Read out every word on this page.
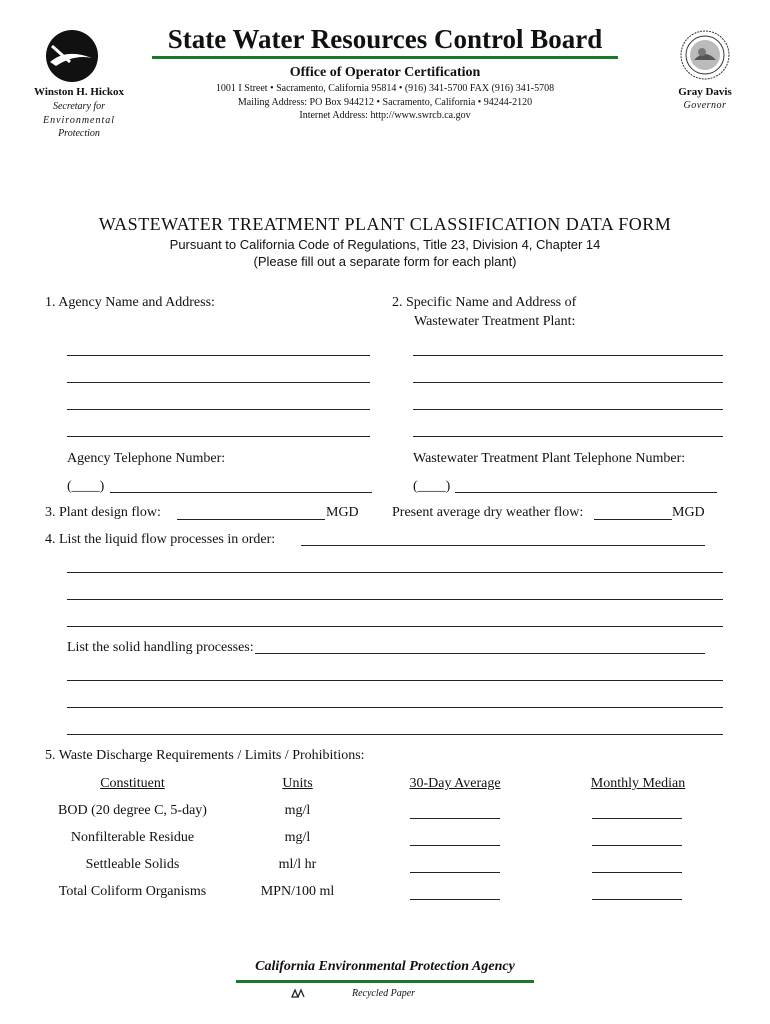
Winston H. Hickox
Secretary for
Environmental
Protection
State Water Resources Control Board
Office of Operator Certification
1001 I Street • Sacramento, California 95814 • (916) 341-5700 FAX (916) 341-5708
Mailing Address: PO Box 944212 • Sacramento, California • 94244-2120
Internet Address: http://www.swrcb.ca.gov
Gray Davis
Governor
WASTEWATER TREATMENT PLANT CLASSIFICATION DATA FORM
Pursuant to California Code of Regulations, Title 23, Division 4, Chapter 14
(Please fill out a separate form for each plant)
1. Agency Name and Address:	2. Specific Name and Address of
Wastewater Treatment Plant:
Agency Telephone Number:	Wastewater Treatment Plant Telephone Number:
(____)	(____)
3. Plant design flow:	MGD Present average dry weather flow:	MGD
4. List the liquid flow processes in order:
List the solid handling processes:
5. Waste Discharge Requirements / Limits / Prohibitions:
Constituent	Units	30-Day Average	Monthly Median
BOD (20 degree C, 5-day)	mg/l
Nonfilterable Residue	mg/l
Settleable Solids	ml/l hr
Total Coliform Organisms	MPN/100 ml
California Environmental Protection Agency
Recycled Paper
